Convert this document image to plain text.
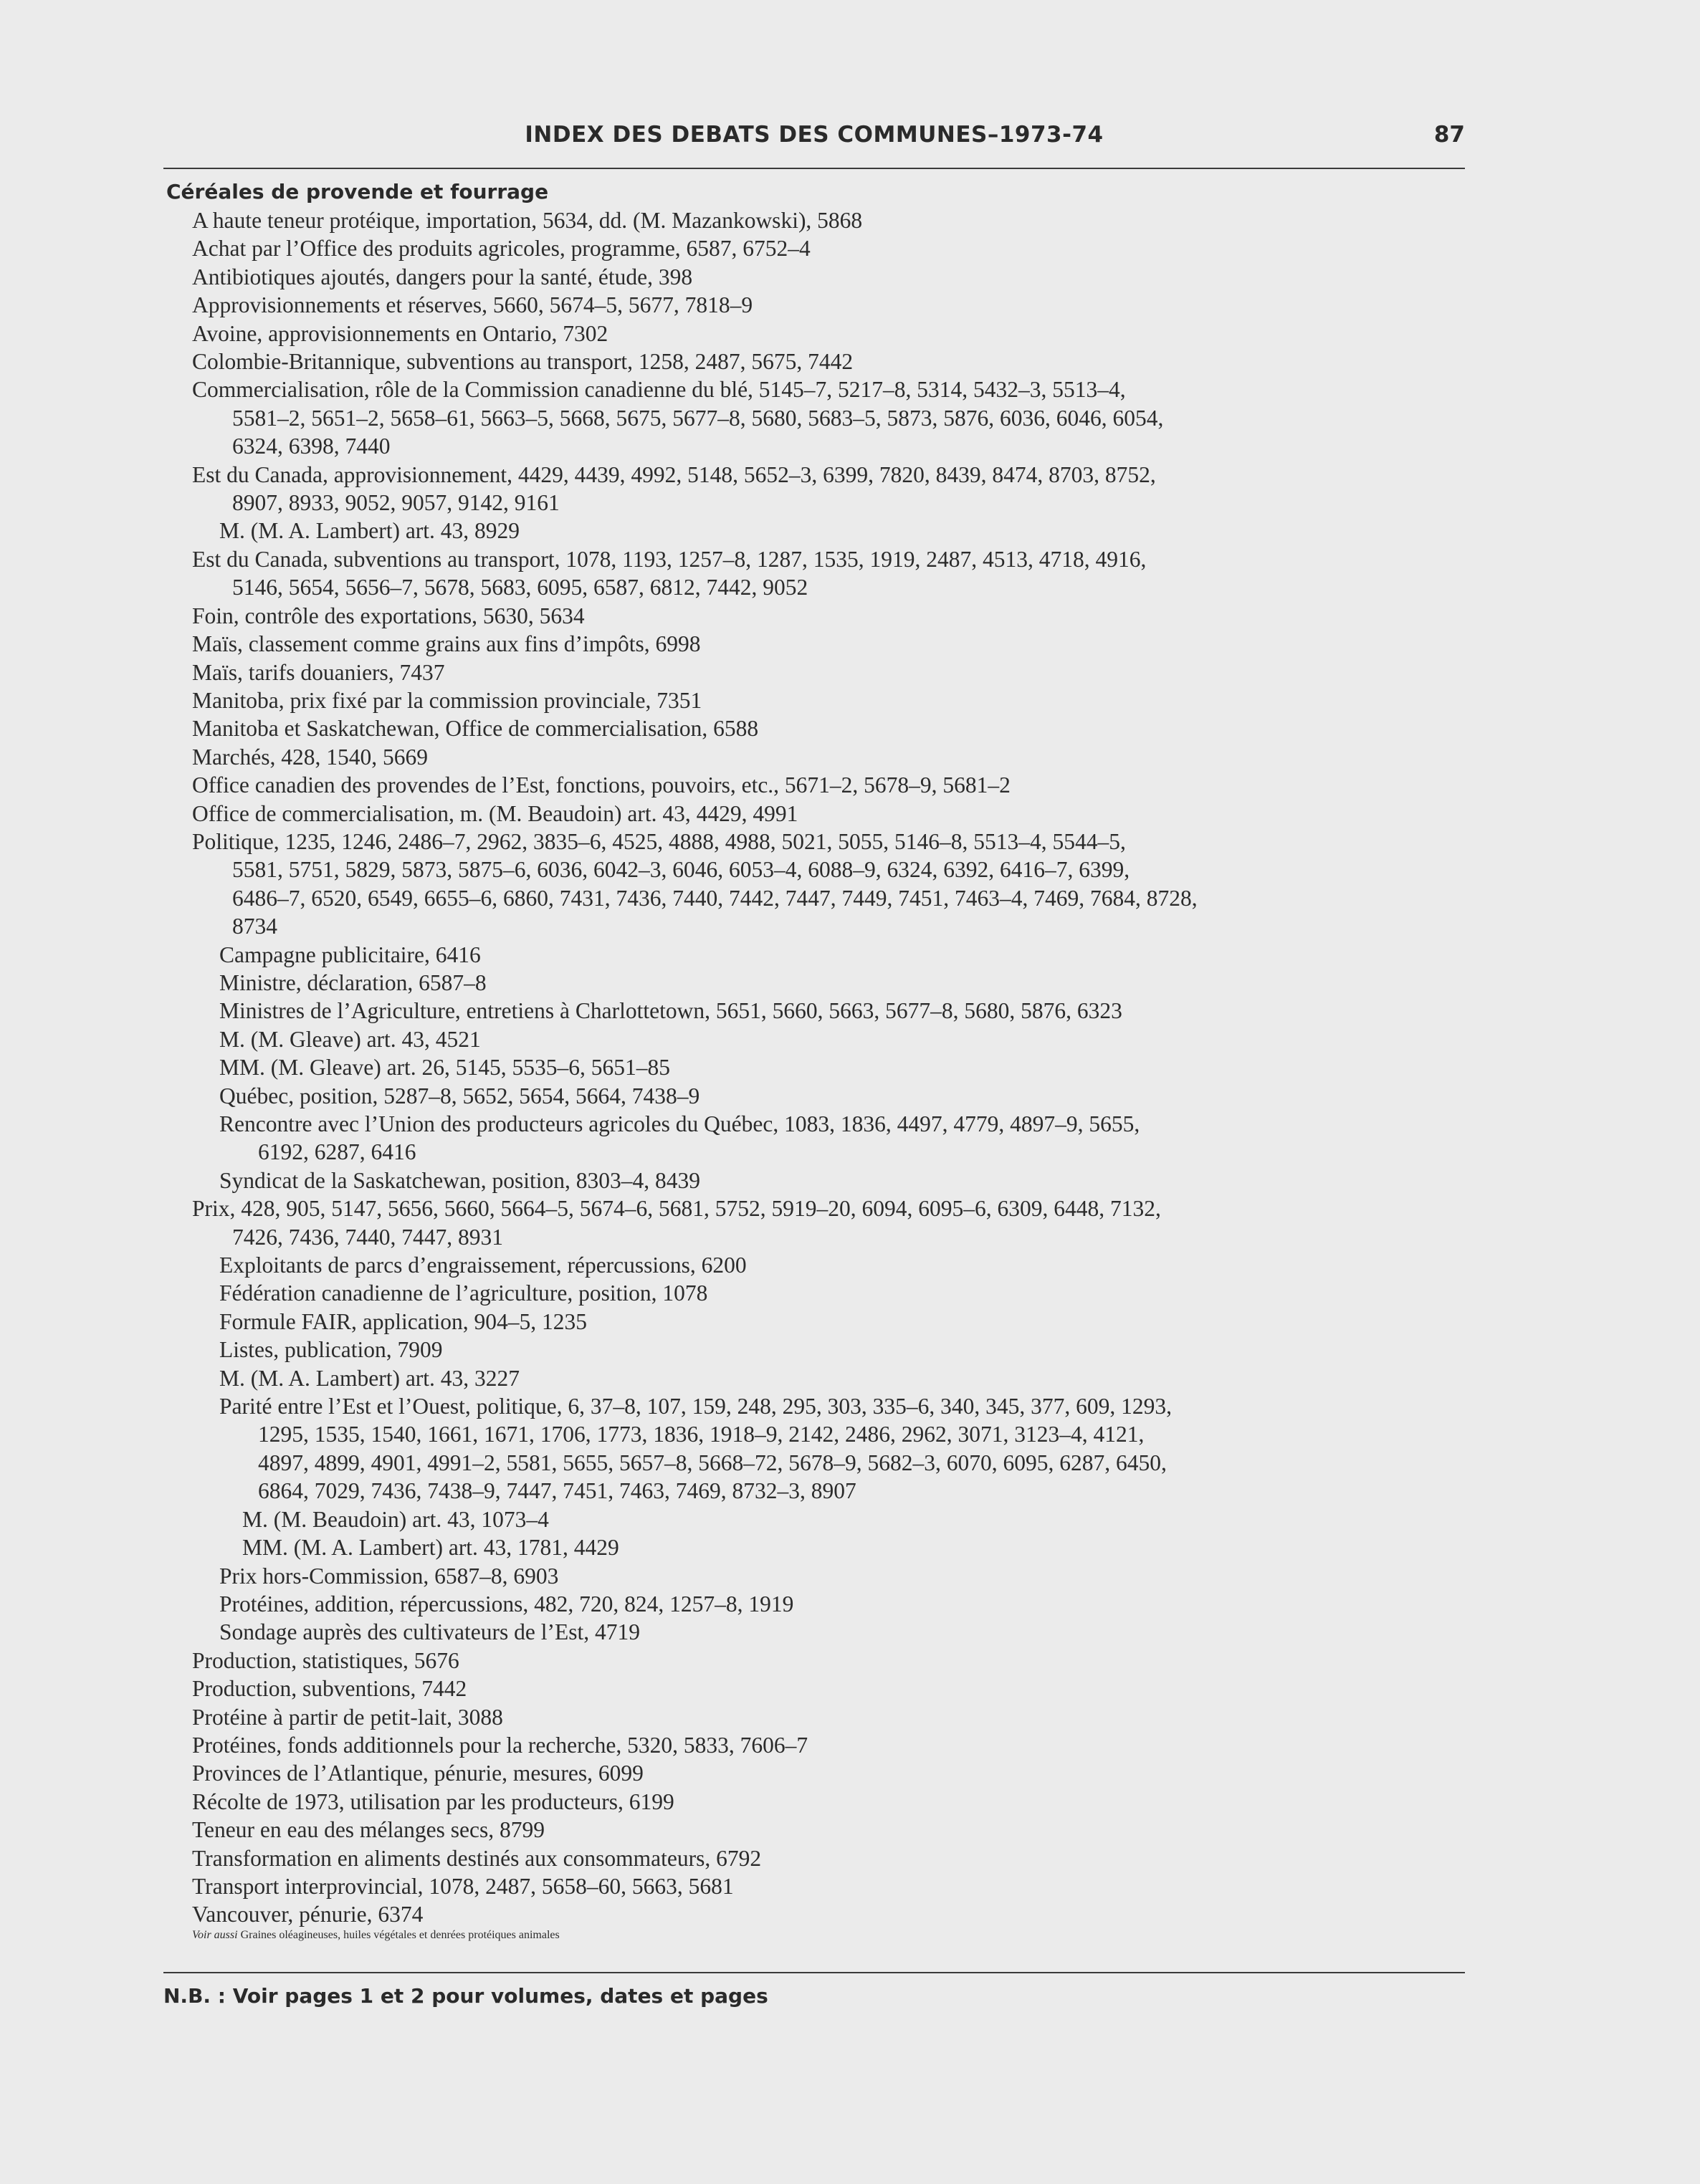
INDEX DES DEBATS DES COMMUNES–1973-74	87
Céréales de provende et fourrage
A haute teneur protéique, importation, 5634, dd. (M. Mazankowski), 5868
Achat par l’Office des produits agricoles, programme, 6587, 6752–4
Antibiotiques ajoutés, dangers pour la santé, étude, 398
Approvisionnements et réserves, 5660, 5674–5, 5677, 7818–9
Avoine, approvisionnements en Ontario, 7302
Colombie-Britannique, subventions au transport, 1258, 2487, 5675, 7442
Commercialisation, rôle de la Commission canadienne du blé, 5145–7, 5217–8, 5314, 5432–3, 5513–4,
5581–2, 5651–2, 5658–61, 5663–5, 5668, 5675, 5677–8, 5680, 5683–5, 5873, 5876, 6036, 6046, 6054,
6324, 6398, 7440
Est du Canada, approvisionnement, 4429, 4439, 4992, 5148, 5652–3, 6399, 7820, 8439, 8474, 8703, 8752,
8907, 8933, 9052, 9057, 9142, 9161
M. (M. A. Lambert) art. 43, 8929
Est du Canada, subventions au transport, 1078, 1193, 1257–8, 1287, 1535, 1919, 2487, 4513, 4718, 4916,
5146, 5654, 5656–7, 5678, 5683, 6095, 6587, 6812, 7442, 9052
Foin, contrôle des exportations, 5630, 5634
Maïs, classement comme grains aux fins d’impôts, 6998
Maïs, tarifs douaniers, 7437
Manitoba, prix fixé par la commission provinciale, 7351
Manitoba et Saskatchewan, Office de commercialisation, 6588
Marchés, 428, 1540, 5669
Office canadien des provendes de l’Est, fonctions, pouvoirs, etc., 5671–2, 5678–9, 5681–2
Office de commercialisation, m. (M. Beaudoin) art. 43, 4429, 4991
Politique, 1235, 1246, 2486–7, 2962, 3835–6, 4525, 4888, 4988, 5021, 5055, 5146–8, 5513–4, 5544–5,
5581, 5751, 5829, 5873, 5875–6, 6036, 6042–3, 6046, 6053–4, 6088–9, 6324, 6392, 6416–7, 6399,
6486–7, 6520, 6549, 6655–6, 6860, 7431, 7436, 7440, 7442, 7447, 7449, 7451, 7463–4, 7469, 7684, 8728,
8734
Campagne publicitaire, 6416
Ministre, déclaration, 6587–8
Ministres de l’Agriculture, entretiens à Charlottetown, 5651, 5660, 5663, 5677–8, 5680, 5876, 6323
M. (M. Gleave) art. 43, 4521
MM. (M. Gleave) art. 26, 5145, 5535–6, 5651–85
Québec, position, 5287–8, 5652, 5654, 5664, 7438–9
Rencontre avec l’Union des producteurs agricoles du Québec, 1083, 1836, 4497, 4779, 4897–9, 5655,
6192, 6287, 6416
Syndicat de la Saskatchewan, position, 8303–4, 8439
Prix, 428, 905, 5147, 5656, 5660, 5664–5, 5674–6, 5681, 5752, 5919–20, 6094, 6095–6, 6309, 6448, 7132,
7426, 7436, 7440, 7447, 8931
Exploitants de parcs d’engraissement, répercussions, 6200
Fédération canadienne de l’agriculture, position, 1078
Formule FAIR, application, 904–5, 1235
Listes, publication, 7909
M. (M. A. Lambert) art. 43, 3227
Parité entre l’Est et l’Ouest, politique, 6, 37–8, 107, 159, 248, 295, 303, 335–6, 340, 345, 377, 609, 1293,
1295, 1535, 1540, 1661, 1671, 1706, 1773, 1836, 1918–9, 2142, 2486, 2962, 3071, 3123–4, 4121,
4897, 4899, 4901, 4991–2, 5581, 5655, 5657–8, 5668–72, 5678–9, 5682–3, 6070, 6095, 6287, 6450,
6864, 7029, 7436, 7438–9, 7447, 7451, 7463, 7469, 8732–3, 8907
M. (M. Beaudoin) art. 43, 1073–4
MM. (M. A. Lambert) art. 43, 1781, 4429
Prix hors-Commission, 6587–8, 6903
Protéines, addition, répercussions, 482, 720, 824, 1257–8, 1919
Sondage auprès des cultivateurs de l’Est, 4719
Production, statistiques, 5676
Production, subventions, 7442
Protéine à partir de petit-lait, 3088
Protéines, fonds additionnels pour la recherche, 5320, 5833, 7606–7
Provinces de l’Atlantique, pénurie, mesures, 6099
Récolte de 1973, utilisation par les producteurs, 6199
Teneur en eau des mélanges secs, 8799
Transformation en aliments destinés aux consommateurs, 6792
Transport interprovincial, 1078, 2487, 5658–60, 5663, 5681
Vancouver, pénurie, 6374
Voir aussi Graines oléagineuses, huiles végétales et denrées protéiques animales
N.B. : Voir pages 1 et 2 pour volumes, dates et pages
